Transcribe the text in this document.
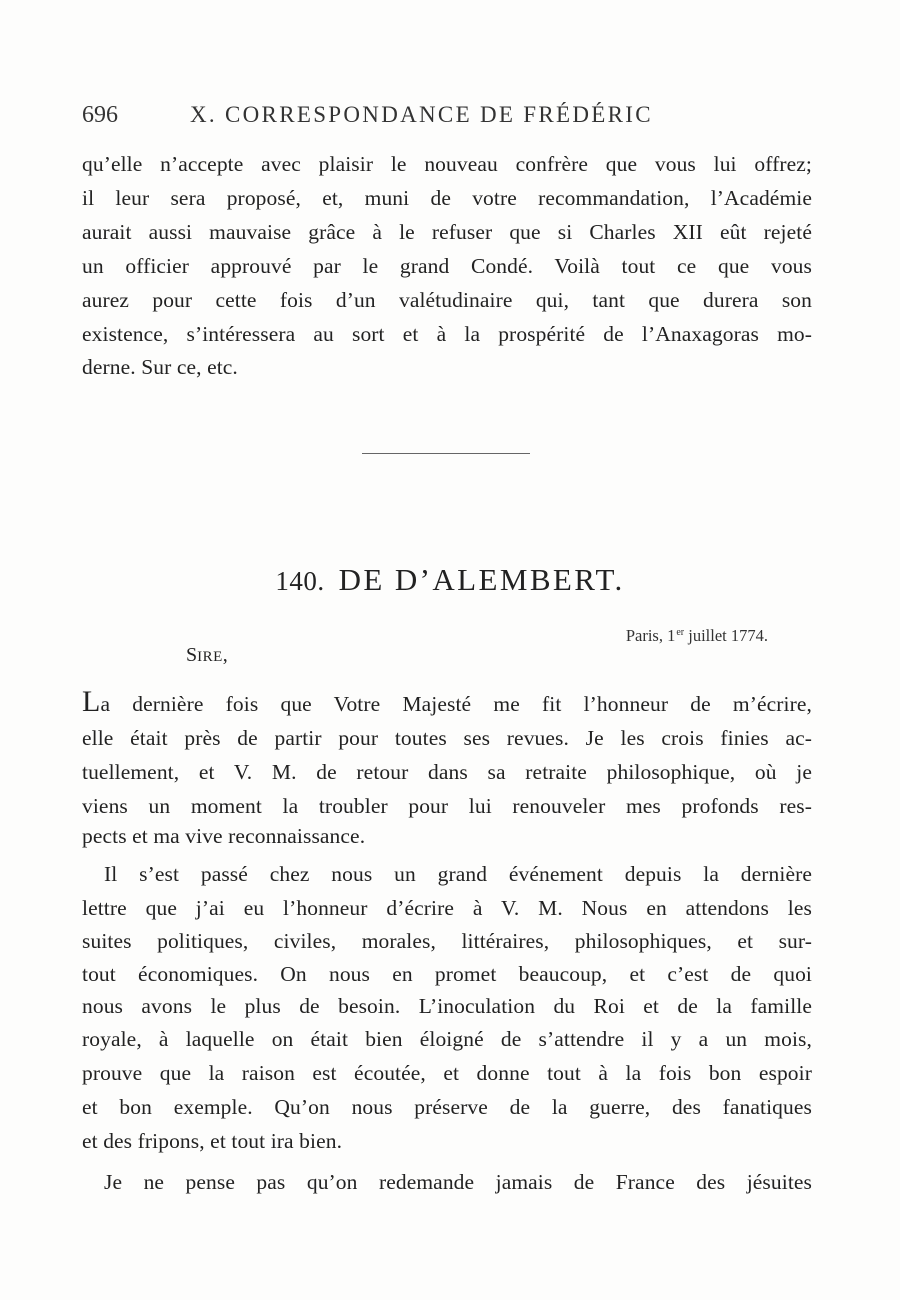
696	X. CORRESPONDANCE DE FRÉDÉRIC
qu’elle n’accepte avec plaisir le nouveau confrère que vous lui offrez;
il leur sera proposé, et, muni de votre recommandation, l’Académie
aurait aussi mauvaise grâce à le refuser que si Charles XII eût rejeté
un officier approuvé par le grand Condé. Voilà tout ce que vous
aurez pour cette fois d’un valétudinaire qui, tant que durera son
existence, s’intéressera au sort et à la prospérité de l’Anaxagoras mo-
derne. Sur ce, etc.
140. DE D’ALEMBERT.
Paris, 1er juillet 1774.
SIRE,
La dernière fois que Votre Majesté me fit l’honneur de m’écrire,
elle était près de partir pour toutes ses revues. Je les crois finies ac-
tuellement, et V. M. de retour dans sa retraite philosophique, où je
viens un moment la troubler pour lui renouveler mes profonds res-
pects et ma vive reconnaissance.
Il s’est passé chez nous un grand événement depuis la dernière
lettre que j’ai eu l’honneur d’écrire à V. M. Nous en attendons les
suites politiques, civiles, morales, littéraires, philosophiques, et sur-
tout économiques. On nous en promet beaucoup, et c’est de quoi
nous avons le plus de besoin. L’inoculation du Roi et de la famille
royale, à laquelle on était bien éloigné de s’attendre il y a un mois,
prouve que la raison est écoutée, et donne tout à la fois bon espoir
et bon exemple. Qu’on nous préserve de la guerre, des fanatiques
et des fripons, et tout ira bien.
Je ne pense pas qu’on redemande jamais de France des jésuites
